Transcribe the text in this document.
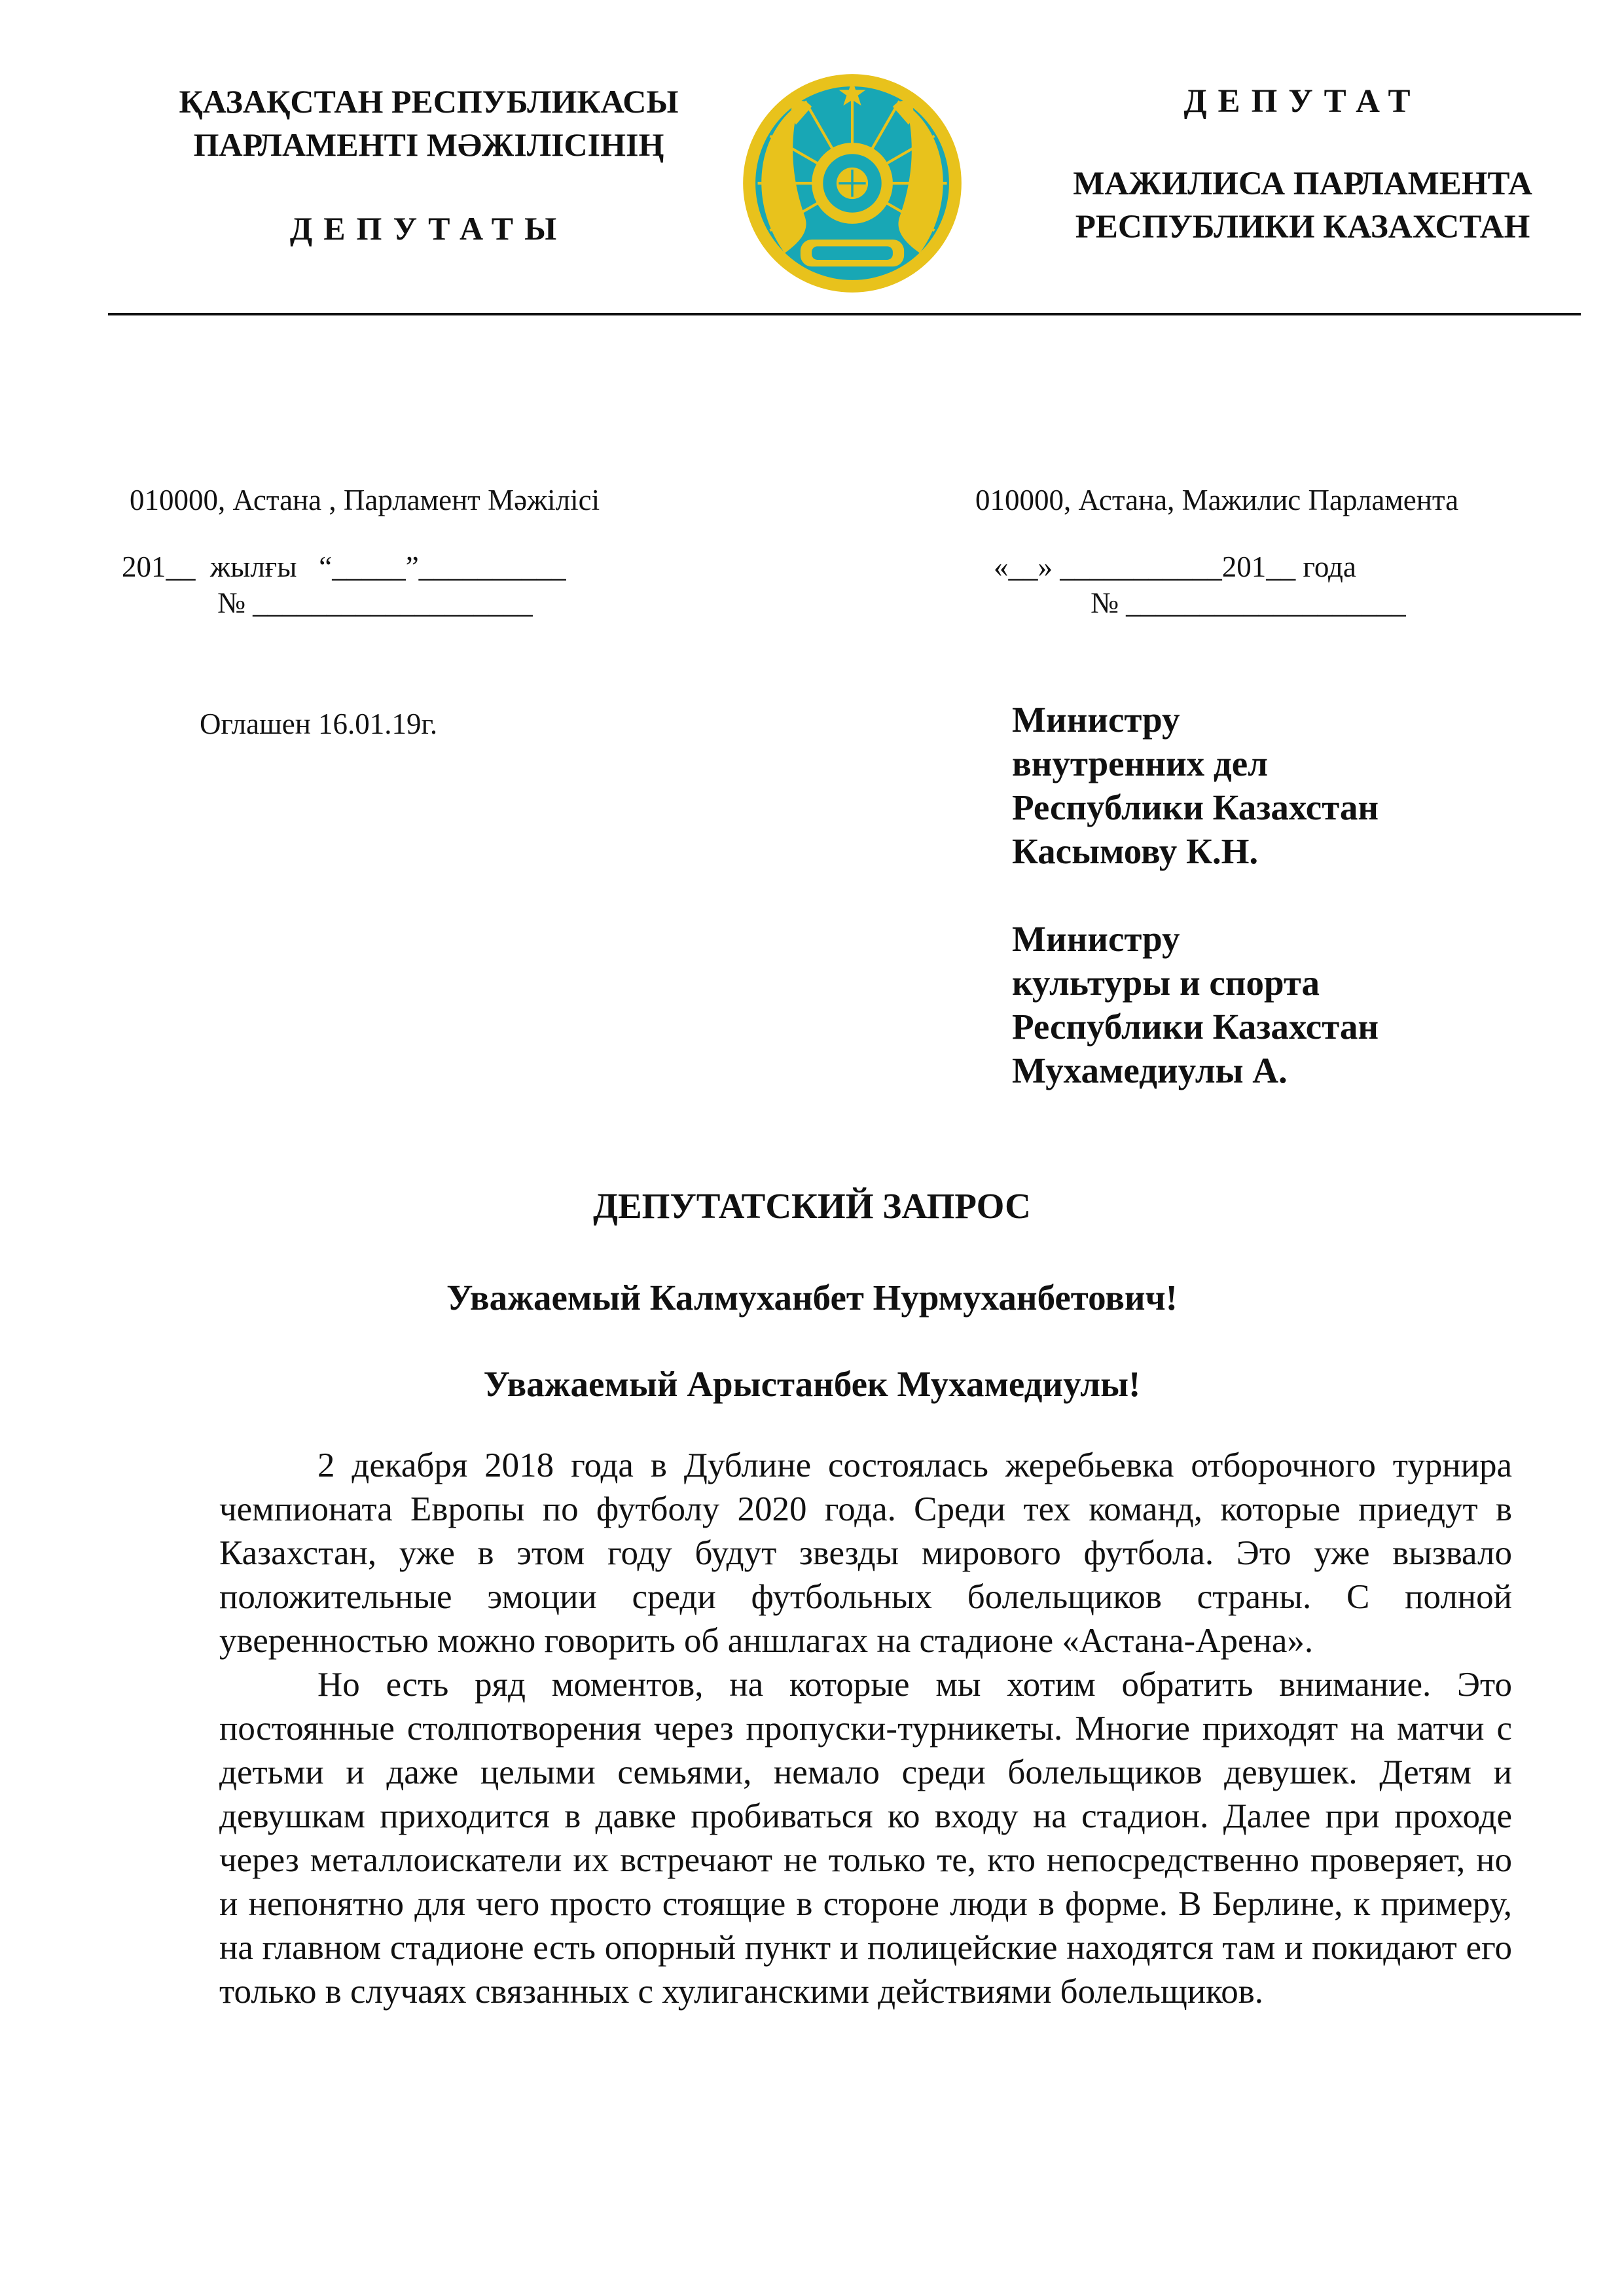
ҚАЗАҚСТАН РЕСПУБЛИКАСЫ
ПАРЛАМЕНТІ МӘЖІЛІСІНІҢ
ДЕПУТАТЫ
ДЕПУТАТ
МАЖИЛИСА ПАРЛАМЕНТА
РЕСПУБЛИКИ КАЗАХСТАН
010000, Астана , Парламент Мәжілісі	010000, Астана, Мажилис Парламента
201__  жылғы   “_____”__________
№ ___________________
«__» ___________201__ года
№ ___________________
Оглашен 16.01.19г.	Министру
внутренних дел
Республики Казахстан
Касымову К.Н.
Министру
культуры и спорта
Республики Казахстан
Мухамедиулы А.
ДЕПУТАТСКИЙ ЗАПРОС
Уважаемый Калмуханбет Нурмуханбетович!
Уважаемый Арыстанбек Мухамедиулы!

2 декабря 2018 года в Дублине состоялась жеребьевка отборочного турнира чемпионата Европы по футболу 2020 года. Среди тех команд, которые приедут в Казахстан, уже в этом году будут звезды мирового футбола. Это уже вызвало положительные эмоции среди футбольных болельщиков страны. С полной уверенностью можно говорить об аншлагах на стадионе «Астана-Арена».

Но есть ряд моментов, на которые мы хотим обратить внимание. Это постоянные столпотворения через пропуски-турникеты. Многие приходят на матчи с детьми и даже целыми семьями, немало среди болельщиков девушек. Детям и девушкам приходится в давке пробиваться ко входу на стадион. Далее при проходе через металлоискатели их встречают не только те, кто непосредственно проверяет, но и непонятно для чего просто стоящие в стороне люди в форме. В Берлине, к примеру, на главном стадионе есть опорный пункт и полицейские находятся там и покидают его только в случаях связанных с хулиганскими действиями болельщиков.
